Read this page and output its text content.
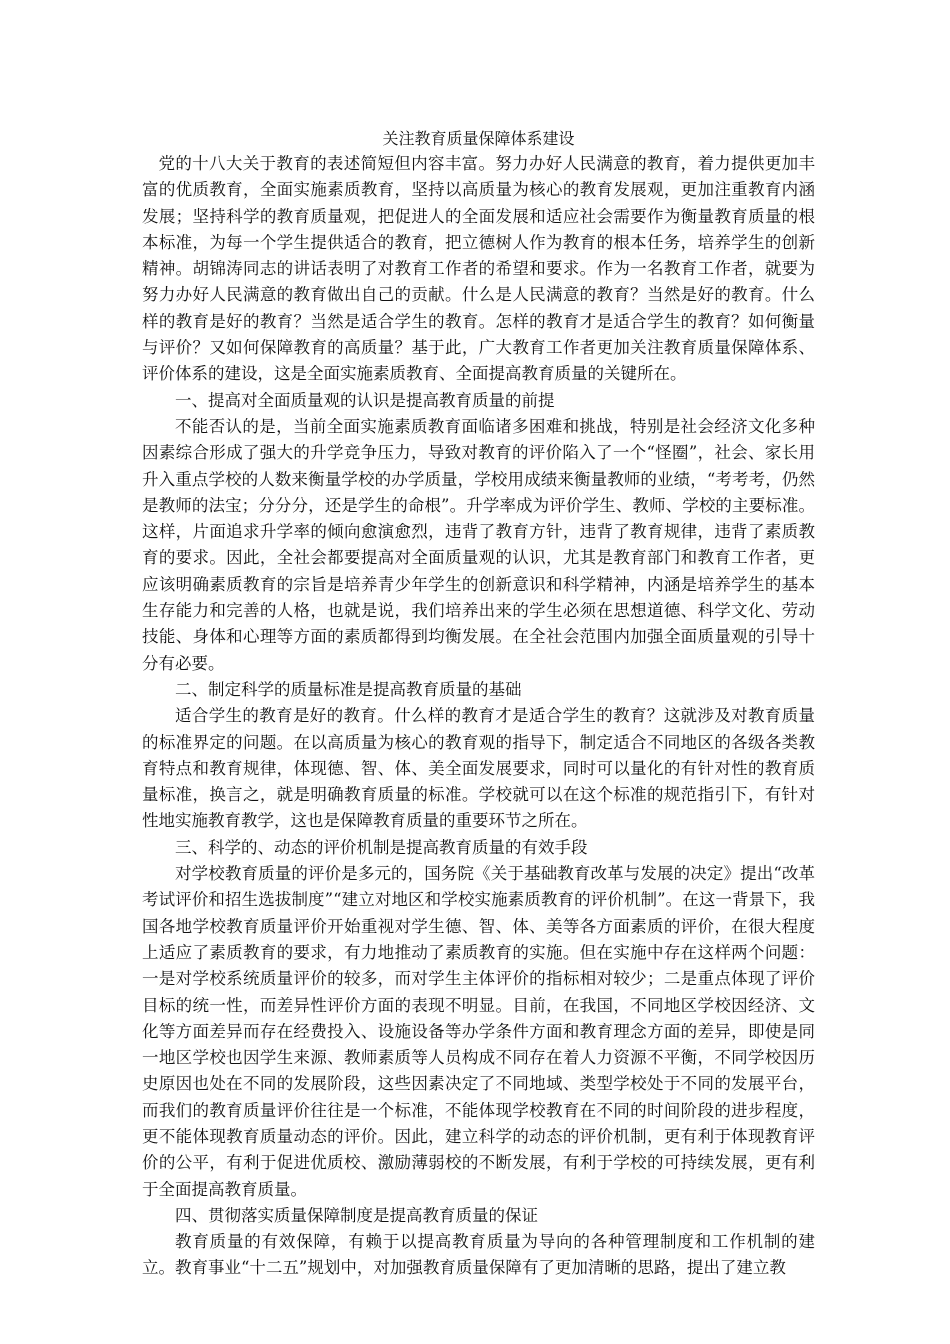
关注教育质量保障体系建设

党的十八大关于教育的表述简短但内容丰富。努力办好人民满意的教育，着力提供更加丰富的优质教育，全面实施素质教育，坚持以高质量为核心的教育发展观，更加注重教育内涵发展；坚持科学的教育质量观，把促进人的全面发展和适应社会需要作为衡量教育质量的根本标准，为每一个学生提供适合的教育，把立德树人作为教育的根本任务，培养学生的创新精神。胡锦涛同志的讲话表明了对教育工作者的希望和要求。作为一名教育工作者，就要为努力办好人民满意的教育做出自己的贡献。什么是人民满意的教育？当然是好的教育。什么样的教育是好的教育？当然是适合学生的教育。怎样的教育才是适合学生的教育？如何衡量与评价？又如何保障教育的高质量？基于此，广大教育工作者更加关注教育质量保障体系、评价体系的建设，这是全面实施素质教育、全面提高教育质量的关键所在。

一、提高对全面质量观的认识是提高教育质量的前提

不能否认的是，当前全面实施素质教育面临诸多困难和挑战，特别是社会经济文化多种因素综合形成了强大的升学竞争压力，导致对教育的评价陷入了一个“怪圈”，社会、家长用升入重点学校的人数来衡量学校的办学质量，学校用成绩来衡量教师的业绩，“考考考，仍然是教师的法宝；分分分，还是学生的命根”。升学率成为评价学生、教师、学校的主要标准。这样，片面追求升学率的倾向愈演愈烈，违背了教育方针，违背了教育规律，违背了素质教育的要求。因此，全社会都要提高对全面质量观的认识，尤其是教育部门和教育工作者，更应该明确素质教育的宗旨是培养青少年学生的创新意识和科学精神，内涵是培养学生的基本生存能力和完善的人格，也就是说，我们培养出来的学生必须在思想道德、科学文化、劳动技能、身体和心理等方面的素质都得到均衡发展。在全社会范围内加强全面质量观的引导十分有必要。

二、制定科学的质量标准是提高教育质量的基础

适合学生的教育是好的教育。什么样的教育才是适合学生的教育？这就涉及对教育质量的标准界定的问题。在以高质量为核心的教育观的指导下，制定适合不同地区的各级各类教育特点和教育规律，体现德、智、体、美全面发展要求，同时可以量化的有针对性的教育质量标准，换言之，就是明确教育质量的标准。学校就可以在这个标准的规范指引下，有针对性地实施教育教学，这也是保障教育质量的重要环节之所在。

三、科学的、动态的评价机制是提高教育质量的有效手段

对学校教育质量的评价是多元的，国务院《关于基础教育改革与发展的决定》提出“改革考试评价和招生选拔制度”“建立对地区和学校实施素质教育的评价机制”。在这一背景下，我国各地学校教育质量评价开始重视对学生德、智、体、美等各方面素质的评价，在很大程度上适应了素质教育的要求，有力地推动了素质教育的实施。但在实施中存在这样两个问题：一是对学校系统质量评价的较多，而对学生主体评价的指标相对较少；二是重点体现了评价目标的统一性，而差异性评价方面的表现不明显。目前，在我国，不同地区学校因经济、文化等方面差异而存在经费投入、设施设备等办学条件方面和教育理念方面的差异，即使是同一地区学校也因学生来源、教师素质等人员构成不同存在着人力资源不平衡，不同学校因历史原因也处在不同的发展阶段，这些因素决定了不同地域、类型学校处于不同的发展平台，而我们的教育质量评价往往是一个标准，不能体现学校教育在不同的时间阶段的进步程度，更不能体现教育质量动态的评价。因此，建立科学的动态的评价机制，更有利于体现教育评价的公平，有利于促进优质校、激励薄弱校的不断发展，有利于学校的可持续发展，更有利于全面提高教育质量。

四、贯彻落实质量保障制度是提高教育质量的保证

教育质量的有效保障，有赖于以提高教育质量为导向的各种管理制度和工作机制的建立。教育事业“十二五”规划中，对加强教育质量保障有了更加清晰的思路，提出了建立教
